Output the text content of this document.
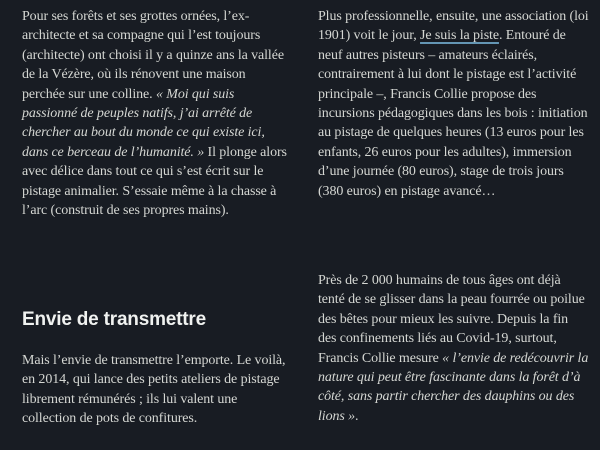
Pour ses forêts et ses grottes ornées, l’ex-architecte et sa compagne qui l’est toujours (architecte) ont choisi il y a quinze ans la vallée de la Vézère, où ils rénovent une maison perchée sur une colline. « Moi qui suis passionné de peuples natifs, j’ai arrêté de chercher au bout du monde ce qui existe ici, dans ce berceau de l’humanité. » Il plonge alors avec délice dans tout ce qui s’est écrit sur le pistage animalier. S’essaie même à la chasse à l’arc (construit de ses propres mains).

Envie de transmettre

Mais l’envie de transmettre l’emporte. Le voilà, en 2014, qui lance des petits ateliers de pistage librement rémunérés ; ils lui valent une collection de pots de confitures.

Plus professionnelle, ensuite, une association (loi 1901) voit le jour, Je suis la piste. Entouré de neuf autres pisteurs – amateurs éclairés, contrairement à lui dont le pistage est l’activité principale –, Francis Collie propose des incursions pédagogiques dans les bois : initiation au pistage de quelques heures (13 euros pour les enfants, 26 euros pour les adultes), immersion d’une journée (80 euros), stage de trois jours (380 euros) en pistage avancé…

Près de 2 000 humains de tous âges ont déjà tenté de se glisser dans la peau fourrée ou poilue des bêtes pour mieux les suivre. Depuis la fin des confinements liés au Covid-19, surtout, Francis Collie mesure « l’envie de redécouvrir la nature qui peut être fascinante dans la forêt d’à côté, sans partir chercher des dauphins ou des lions ».
